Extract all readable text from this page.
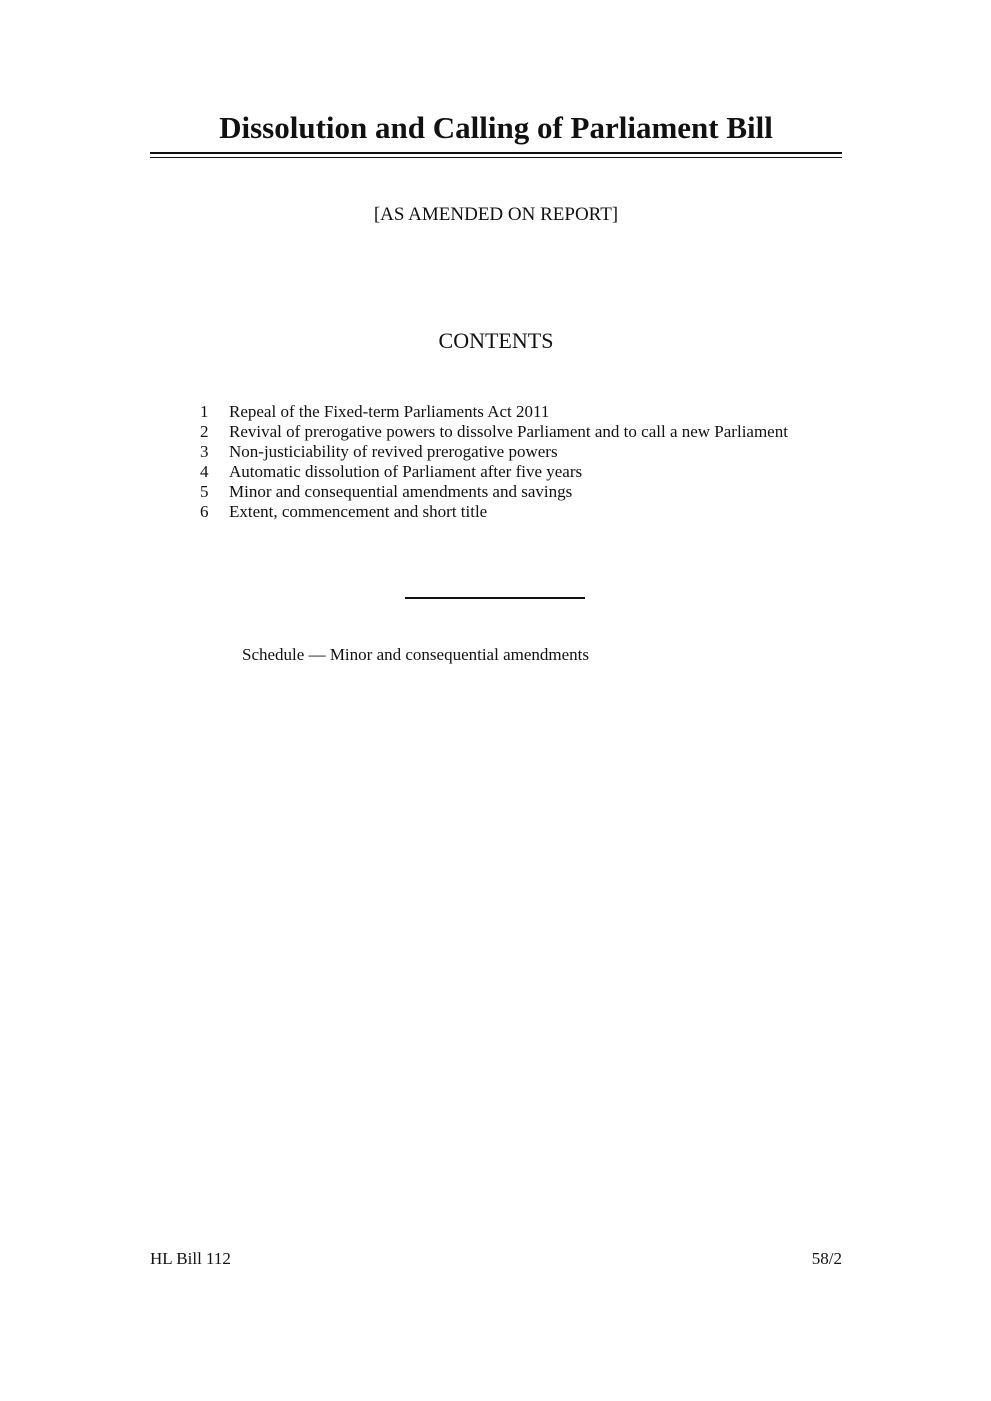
Dissolution and Calling of Parliament Bill
[AS AMENDED ON REPORT]
CONTENTS
1	Repeal of the Fixed-term Parliaments Act 2011
2	Revival of prerogative powers to dissolve Parliament and to call a new Parliament
3	Non-justiciability of revived prerogative powers
4	Automatic dissolution of Parliament after five years
5	Minor and consequential amendments and savings
6	Extent, commencement and short title
Schedule — Minor and consequential amendments
HL Bill 112	58/2
